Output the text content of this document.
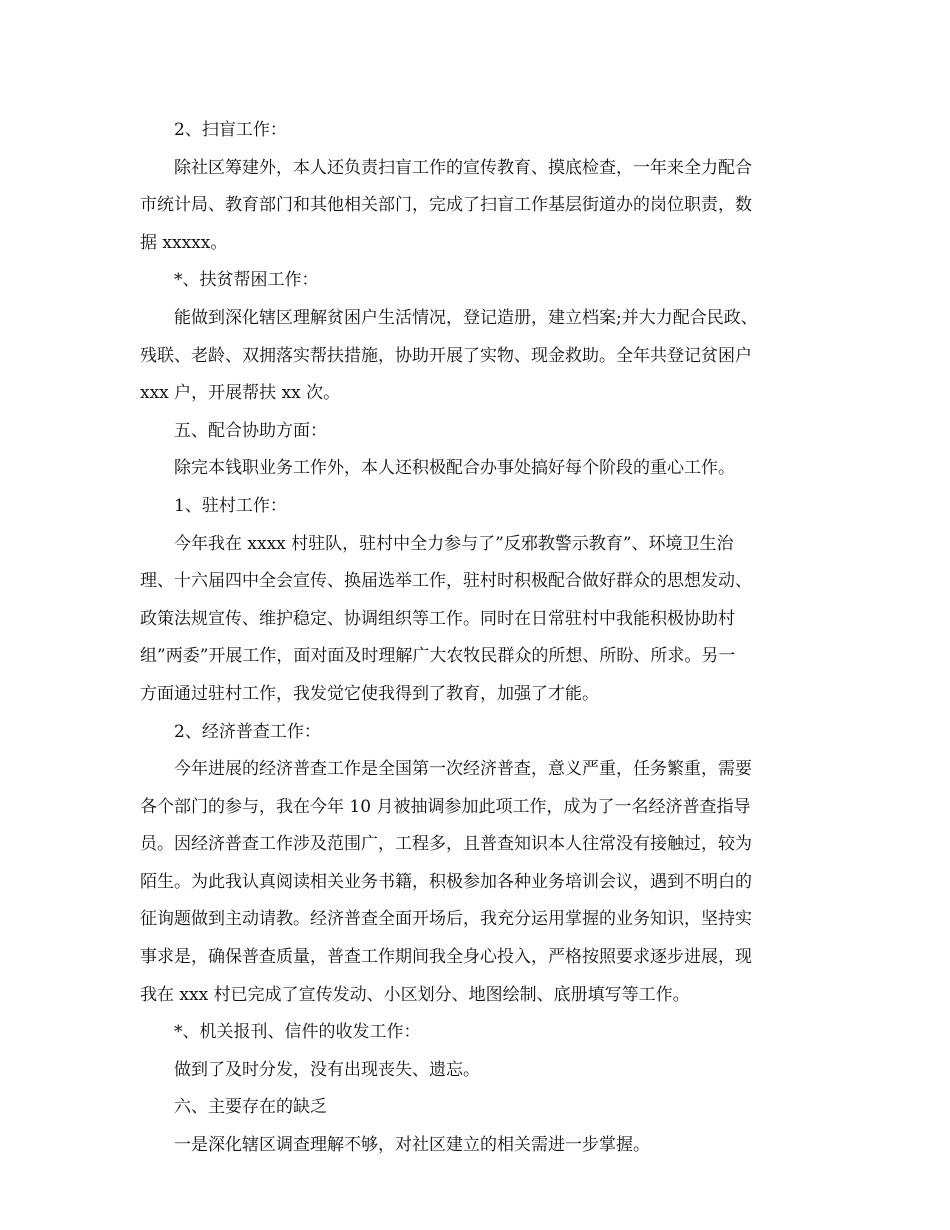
2、扫盲工作：

除社区筹建外，本人还负责扫盲工作的宣传教育、摸底检查，一年来全力配合
市统计局、教育部门和其他相关部门，完成了扫盲工作基层街道办的岗位职责，数
据 xxxxx。

*、扶贫帮困工作：

能做到深化辖区理解贫困户生活情况，登记造册，建立档案;并大力配合民政、
残联、老龄、双拥落实帮扶措施，协助开展了实物、现金救助。全年共登记贫困户
xxx 户，开展帮扶 xx 次。

五、配合协助方面：

除完本钱职业务工作外，本人还积极配合办事处搞好每个阶段的重心工作。

1、驻村工作：

今年我在 xxxx 村驻队，驻村中全力参与了”反邪教警示教育”、环境卫生治
理、十六届四中全会宣传、换届选举工作，驻村时积极配合做好群众的思想发动、
政策法规宣传、维护稳定、协调组织等工作。同时在日常驻村中我能积极协助村
组”两委”开展工作，面对面及时理解广大农牧民群众的所想、所盼、所求。另一
方面通过驻村工作，我发觉它使我得到了教育，加强了才能。

2、经济普查工作：

今年进展的经济普查工作是全国第一次经济普查，意义严重，任务繁重，需要
各个部门的参与，我在今年 10 月被抽调参加此项工作，成为了一名经济普查指导
员。因经济普查工作涉及范围广，工程多，且普查知识本人往常没有接触过，较为
陌生。为此我认真阅读相关业务书籍，积极参加各种业务培训会议，遇到不明白的
征询题做到主动请教。经济普查全面开场后，我充分运用掌握的业务知识，坚持实
事求是，确保普查质量，普查工作期间我全身心投入，严格按照要求逐步进展，现
我在 xxx 村已完成了宣传发动、小区划分、地图绘制、底册填写等工作。

*、机关报刊、信件的收发工作：

做到了及时分发，没有出现丧失、遗忘。

六、主要存在的缺乏

一是深化辖区调查理解不够，对社区建立的相关需进一步掌握。
